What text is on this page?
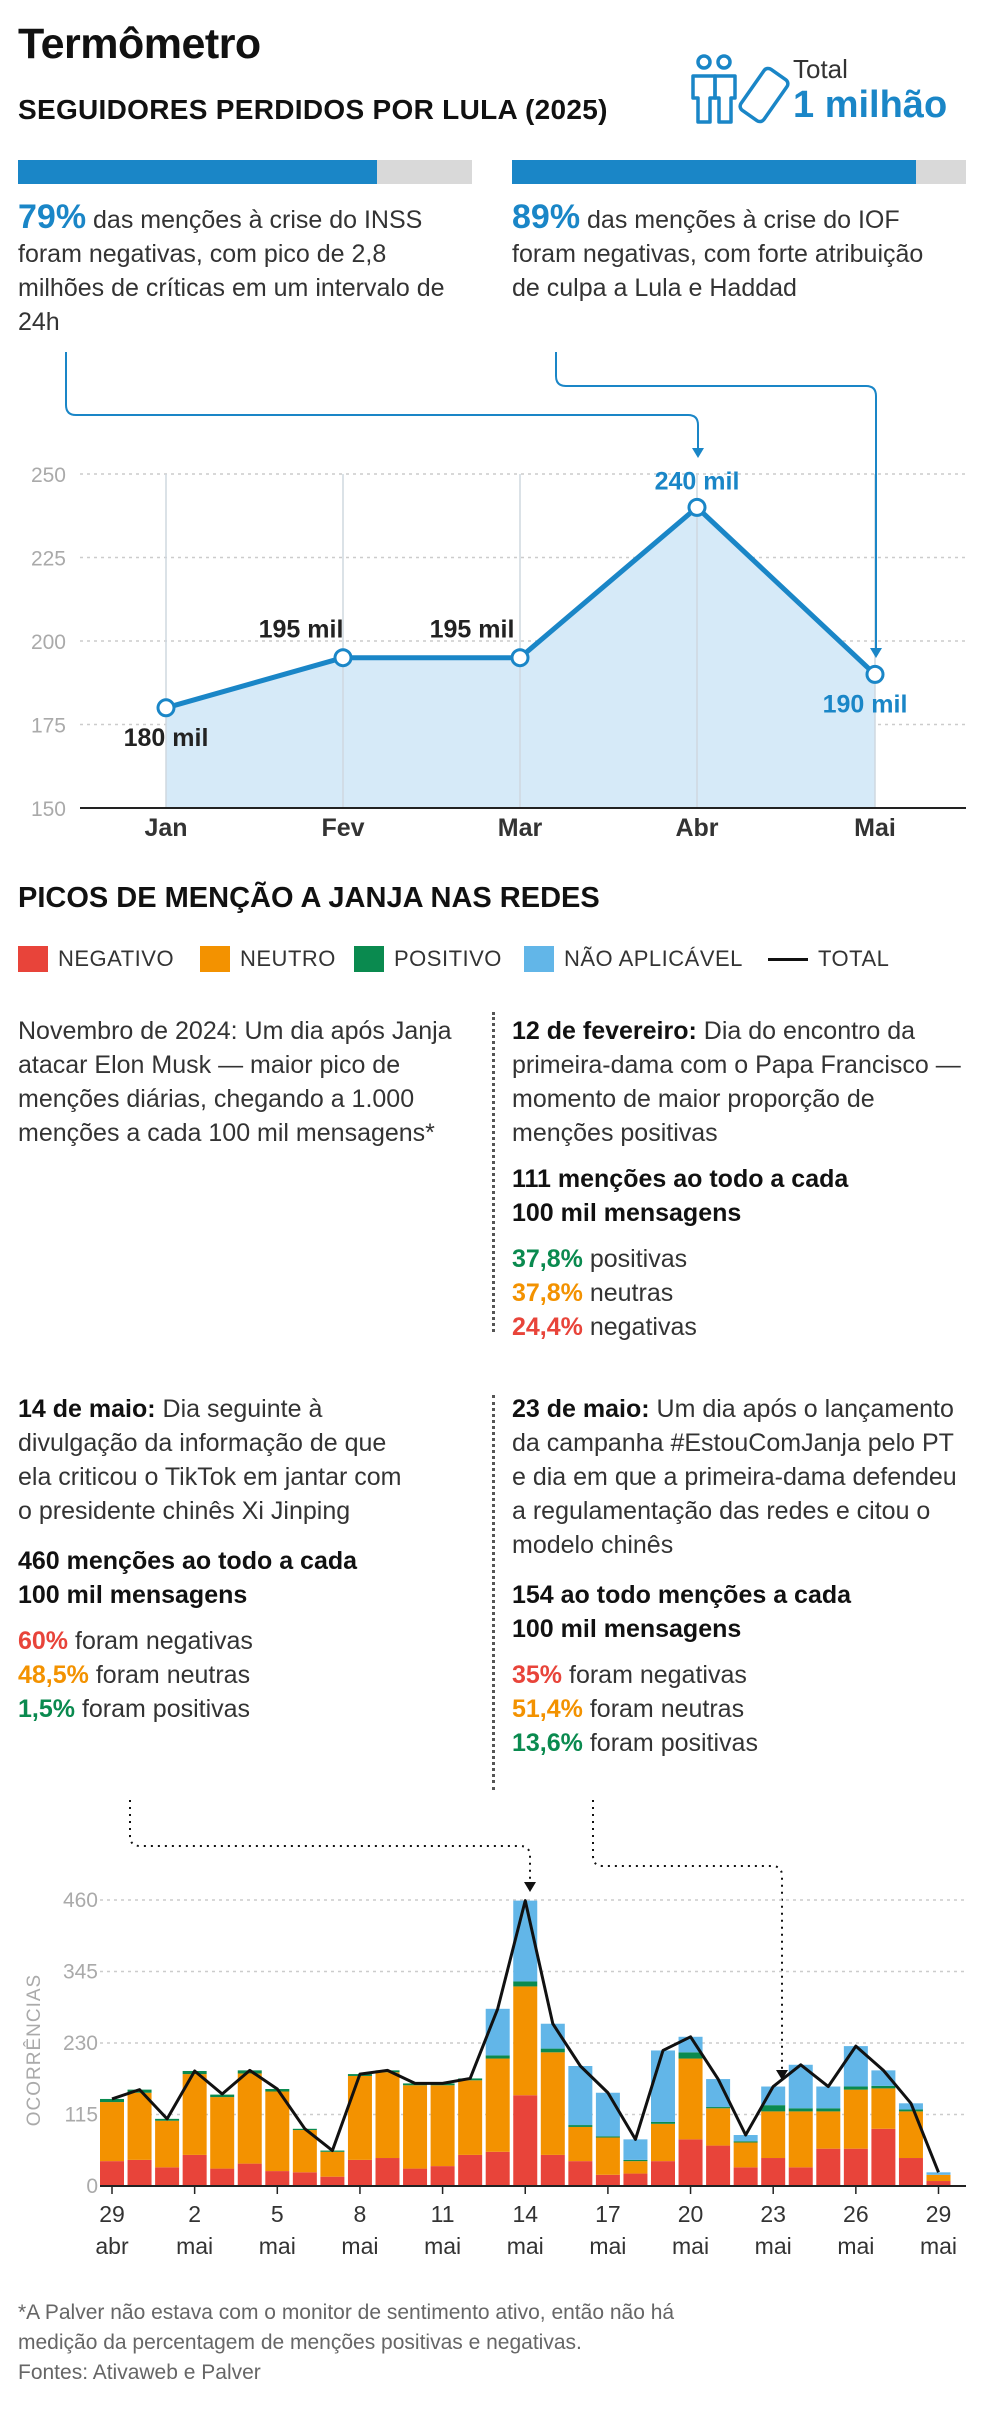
Termômetro
SEGUIDORES PERDIDOS POR LULA (2025)
Total
1 milhão
79% das menções à crise do INSS foram negativas, com pico de 2,8 milhões de críticas em um intervalo de 24h
89% das menções à crise do IOF foram negativas, com forte atribuição de culpa a Lula e Haddad
150
175
200
225
250
180 mil
195 mil	195 mil
240 mil
190 mil
Jan	Fev	Mar	Abr	Mai
PICOS DE MENÇÃO A JANJA NAS REDES
NEGATIVO	NEUTRO	POSITIVO	NÃO APLICÁVEL	TOTAL
Novembro de 2024: Um dia após Janja atacar Elon Musk — maior pico de menções diárias, chegando a 1.000 menções a cada 100 mil mensagens*
12 de fevereiro: Dia do encontro da primeira-dama com o Papa Francisco — momento de maior proporção de menções positivas
111 menções ao todo a cada 100 mil mensagens
37,8% positivas
37,8% neutras
24,4% negativas
14 de maio: Dia seguinte à divulgação da informação de que ela criticou o TikTok em jantar com o presidente chinês Xi Jinping
460 menções ao todo a cada 100 mil mensagens
60% foram negativas
48,5% foram neutras
1,5% foram positivas
23 de maio: Um dia após o lançamento da campanha #EstouComJanja pelo PT e dia em que a primeira-dama defendeu a regulamentação das redes e citou o modelo chinês
154 ao todo menções a cada 100 mil mensagens
35% foram negativas
51,4% foram neutras
13,6% foram positivas
0
115
230
345
460
OCORRÊNCIAS
29
abr
2
mai
5
mai
8
mai
11
mai
14
mai
17
mai
20
mai
23
mai
26
mai
29
mai
*A Palver não estava com o monitor de sentimento ativo, então não há medição da percentagem de menções positivas e negativas.
Fontes: Ativaweb e Palver
